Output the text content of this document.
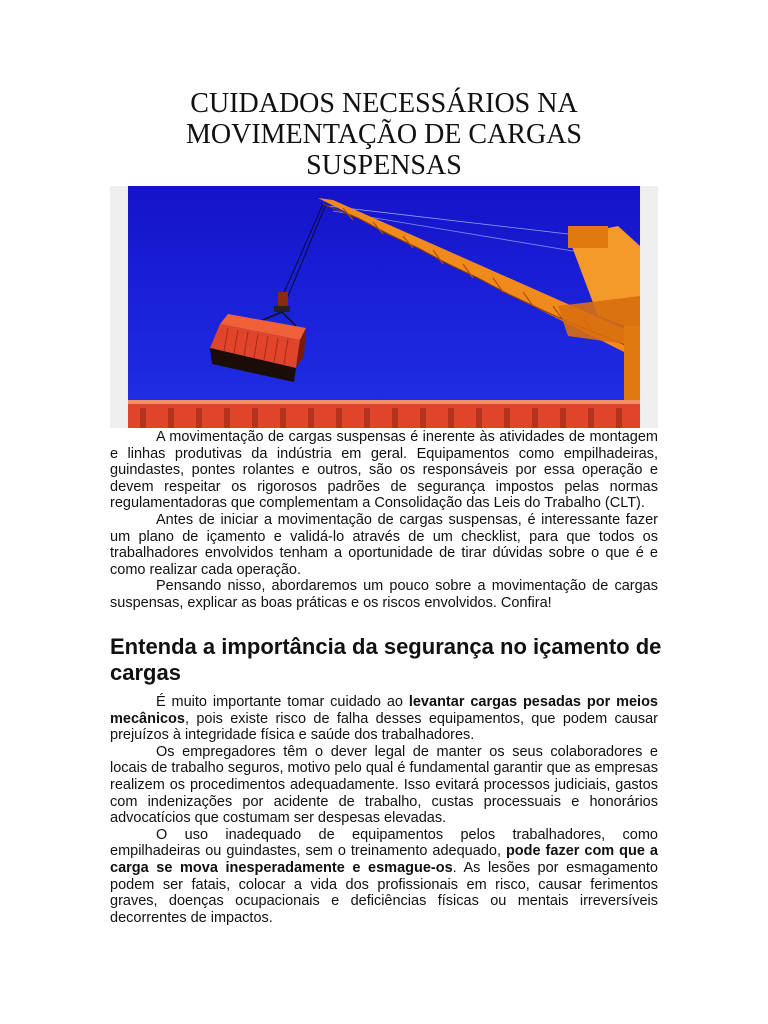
CUIDADOS NECESSÁRIOS NA MOVIMENTAÇÃO DE CARGAS SUSPENSAS

A movimentação de cargas suspensas é inerente às atividades de montagem e linhas produtivas da indústria em geral. Equipamentos como empilhadeiras, guindastes, pontes rolantes e outros, são os responsáveis por essa operação e devem respeitar os rigorosos padrões de segurança impostos pelas normas regulamentadoras que complementam a Consolidação das Leis do Trabalho (CLT).

Antes de iniciar a movimentação de cargas suspensas, é interessante fazer um plano de içamento e validá-lo através de um checklist, para que todos os trabalhadores envolvidos tenham a oportunidade de tirar dúvidas sobre o que é e como realizar cada operação.

Pensando nisso, abordaremos um pouco sobre a movimentação de cargas suspensas, explicar as boas práticas e os riscos envolvidos. Confira!

Entenda a importância da segurança no içamento de cargas

É muito importante tomar cuidado ao levantar cargas pesadas por meios mecânicos, pois existe risco de falha desses equipamentos, que podem causar prejuízos à integridade física e saúde dos trabalhadores.

Os empregadores têm o dever legal de manter os seus colaboradores e locais de trabalho seguros, motivo pelo qual é fundamental garantir que as empresas realizem os procedimentos adequadamente. Isso evitará processos judiciais, gastos com indenizações por acidente de trabalho, custas processuais e honorários advocatícios que costumam ser despesas elevadas.

O uso inadequado de equipamentos pelos trabalhadores, como empilhadeiras ou guindastes, sem o treinamento adequado, pode fazer com que a carga se mova inesperadamente e esmague-os. As lesões por esmagamento podem ser fatais, colocar a vida dos profissionais em risco, causar ferimentos graves, doenças ocupacionais e deficiências físicas ou mentais irreversíveis decorrentes de impactos.
